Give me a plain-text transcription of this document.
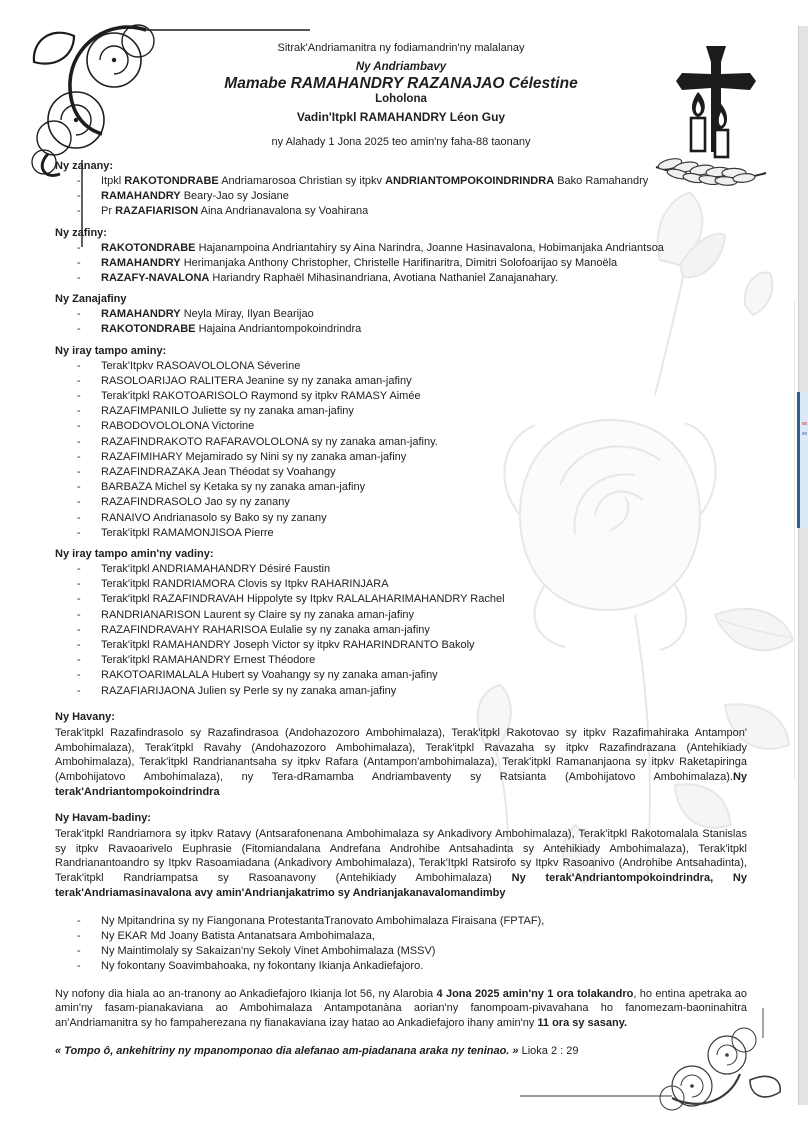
Sitrak'Andriamanitra ny fodiamandrin'ny malalanay
Ny Andriambavy
Mamabe RAMAHANDRY RAZANAJAO Célestine
Loholona
Vadin'Itpkl RAMAHANDRY Léon Guy
ny Alahady 1 Jona 2025 teo amin'ny faha-88 taonany
Ny zanany:
-	Itpkl RAKOTONDRABE Andriamarosoa Christian sy itpkv ANDRIANTOMPOKOINDRINDRA Bako Ramahandry
-	RAMAHANDRY Beary-Jao sy Josiane
-	Pr RAZAFIARISON Aina Andrianavalona sy Voahirana
Ny zafiny:
-	RAKOTONDRABE Hajanampoina Andriantahiry sy Aina Narindra, Joanne Hasinavalona, Hobimanjaka Andriantsoa
-	RAMAHANDRY Herimanjaka Anthony Christopher, Christelle Harifinaritra, Dimitri Solofoarijao sy Manoëla
-	RAZAFY-NAVALONA Hariandry Raphaël Mihasinandriana, Avotiana Nathaniel Zanajanahary.
Ny Zanajafiny
-	RAMAHANDRY Neyla Miray, Ilyan Bearijao
-	RAKOTONDRABE Hajaina Andriantompokoindrindra
Ny iray tampo aminy:
-	Terak'Itpkv RASOAVOLOLONA Séverine
-	RASOLOARIJAO RALITERA Jeanine sy ny zanaka aman-jafiny
-	Terak'itpkl RAKOTOARISOLO Raymond sy itpkv RAMASY Aimée
-	RAZAFIMPANILO Juliette sy ny zanaka aman-jafiny
-	RABODOVOLOLONA Victorine
-	RAZAFINDRAKOTO RAFARAVOLOLONA sy ny zanaka aman-jafiny.
-	RAZAFIMIHARY Mejamirado sy Nini sy ny zanaka aman-jafiny
-	RAZAFINDRAZAKA Jean Théodat sy Voahangy
-	BARBAZA Michel sy Ketaka sy ny zanaka aman-jafiny
-	RAZAFINDRASOLO Jao sy ny zanany
-	RANAIVO Andrianasolo sy Bako sy ny zanany
-	Terak'itpkl RAMAMONJISOA Pierre
Ny iray tampo amin'ny vadiny:
-	Terak'itpkl ANDRIAMAHANDRY Désiré Faustin
-	Terak'itpkl RANDRIAMORA Clovis sy Itpkv RAHARINJARA
-	Terak'itpkl RAZAFINDRAVAH Hippolyte sy Itpkv RALALAHARIMAHANDRY Rachel
-	RANDRIANARISON Laurent sy Claire sy ny zanaka aman-jafiny
-	RAZAFINDRAVAHY RAHARISOA Eulalie sy ny zanaka aman-jafiny
-	Terak'itpkl RAMAHANDRY Joseph Victor sy itpkv RAHARINDRANTO Bakoly
-	Terak'itpkl RAMAHANDRY Ernest Théodore
-	RAKOTOARIMALALA Hubert sy Voahangy sy ny zanaka aman-jafiny
-	RAZAFIARIJAONA Julien sy Perle sy ny zanaka aman-jafiny
Ny Havany:
Terak'itpkl Razafindrasolo sy Razafindrasoa (Andohazozoro Ambohimalaza), Terak'itpkl Rakotovao sy itpkv Razafimahiraka Antampon' Ambohimalaza), Terak'itpkl Ravahy (Andohazozoro Ambohimalaza), Terak'itpkl Ravazaha sy itpkv Razafindrazana (Antehikiady Ambohimalaza), Terak'itpkl Randrianantsaha sy itpkv Rafara (Antampon'ambohimalaza), Terak'itpkl Ramananjaona sy itpkv Raketapiringa (Ambohijatovo Ambohimalaza), ny Tera-dRamamba Andriambaventy sy Ratsianta (Ambohijatovo Ambohimalaza).Ny terak'Andriantompokoindrindra
Ny Havam-badiny:
Terak'itpkl Randriamora sy itpkv Ratavy (Antsarafonenana Ambohimalaza sy Ankadivory Ambohimalaza), Terak'itpkl Rakotomalala Stanislas sy itpkv Ravaoarivelo Euphrasie (Fitomiandalana Andrefana Androhibe Antsahadinta sy Antehikiady Ambohimalaza), Terak'itpkl Randrianantoandro sy Itpkv Rasoamiadana (Ankadivory Ambohimalaza), Terak'Itpkl Ratsirofo sy Itpkv Rasoanivo (Androhibe Antsahadinta), Terak'itpkl Randriampatsa sy Rasoanavony (Antehikiady Ambohimalaza) Ny terak'Andriantompokoindrindra, Ny terak'Andriamasinavalona avy amin'Andrianjakatrimo sy Andrianjakanavalomandimby
-	Ny Mpitandrina sy ny Fiangonana ProtestantaTranovato Ambohimalaza Firaisana (FPTAF),
-	Ny EKAR Md Joany Batista Antanatsara Ambohimalaza,
-	Ny Maintimolaly sy Sakaizan'ny Sekoly Vinet Ambohimalaza (MSSV)
-	Ny fokontany Soavimbahoaka, ny fokontany Ikianja Ankadiefajoro.
Ny nofony dia hiala ao an-tranony ao Ankadiefajoro Ikianja lot 56, ny Alarobia 4 Jona 2025 amin'ny 1 ora tolakandro, ho entina apetraka ao amin'ny fasam-pianakaviana ao Ambohimalaza Antampotanàna aorian'ny fanompoam-pivavahana ho fanomezam-baoninahitra an'Andriamanitra sy ho fampaherezana ny fianakaviana izay hatao ao Ankadiefajoro ihany amin'ny 11 ora sy sasany.
« Tompo ô, ankehitriny ny mpanomponao dia alefanao am-piadanana araka ny teninao. » Lioka 2 : 29
